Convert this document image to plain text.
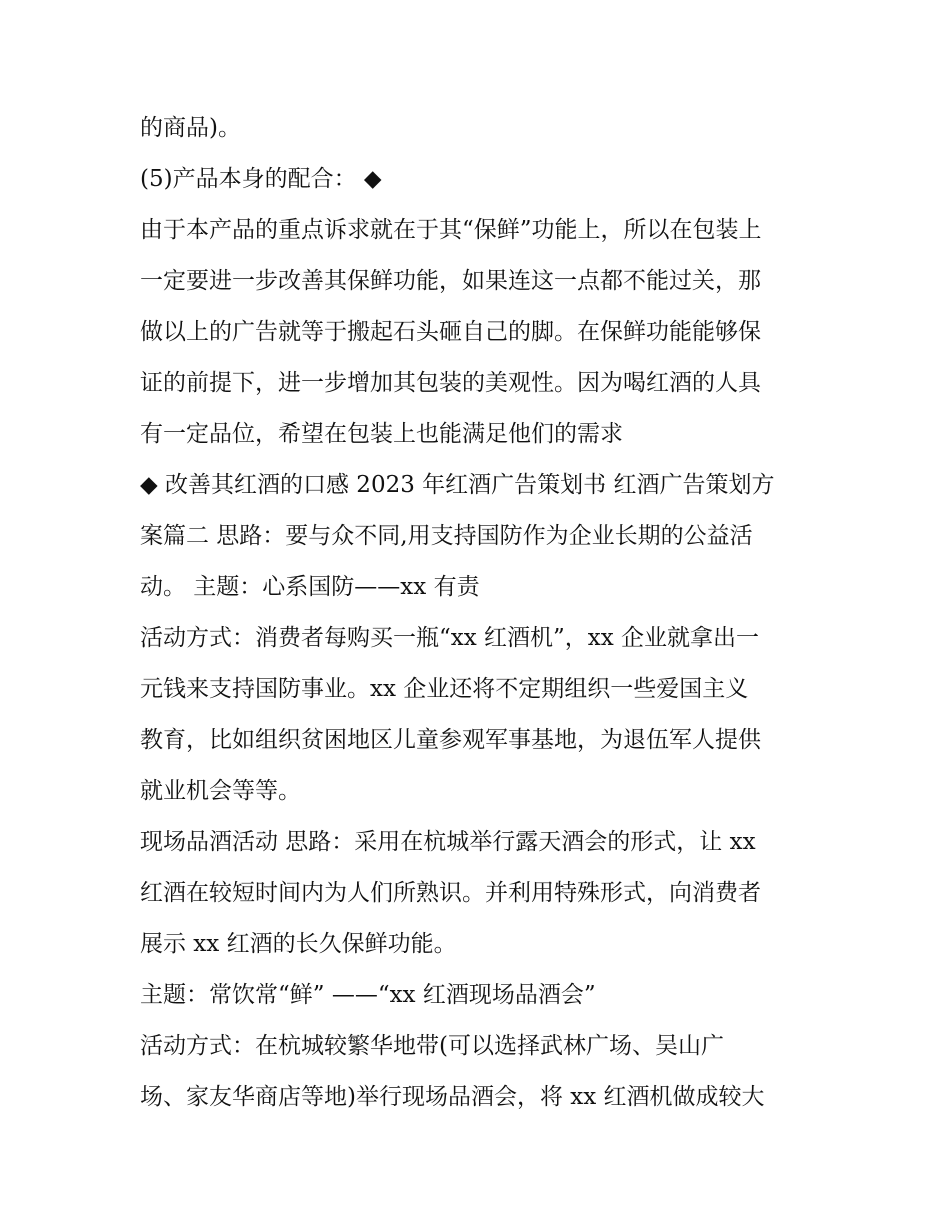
的商品)。
(5)产品本身的配合： ◆
由于本产品的重点诉求就在于其“保鲜”功能上，所以在包装上
一定要进一步改善其保鲜功能，如果连这一点都不能过关，那
做以上的广告就等于搬起石头砸自己的脚。在保鲜功能能够保
证的前提下，进一步增加其包装的美观性。因为喝红酒的人具
有一定品位，希望在包装上也能满足他们的需求
◆ 改善其红酒的口感 2023 年红酒广告策划书 红酒广告策划方
案篇二 思路：要与众不同,用支持国防作为企业长期的公益活
动。 主题：心系国防——xx 有责
活动方式：消费者每购买一瓶“xx 红酒机”，xx 企业就拿出一
元钱来支持国防事业。xx 企业还将不定期组织一些爱国主义
教育，比如组织贫困地区儿童参观军事基地，为退伍军人提供
就业机会等等。
现场品酒活动 思路：采用在杭城举行露天酒会的形式，让 xx
红酒在较短时间内为人们所熟识。并利用特殊形式，向消费者
展示 xx 红酒的长久保鲜功能。
主题：常饮常“鲜” ——“xx 红酒现场品酒会”
活动方式：在杭城较繁华地带(可以选择武林广场、吴山广
场、家友华商店等地)举行现场品酒会，将 xx 红酒机做成较大
